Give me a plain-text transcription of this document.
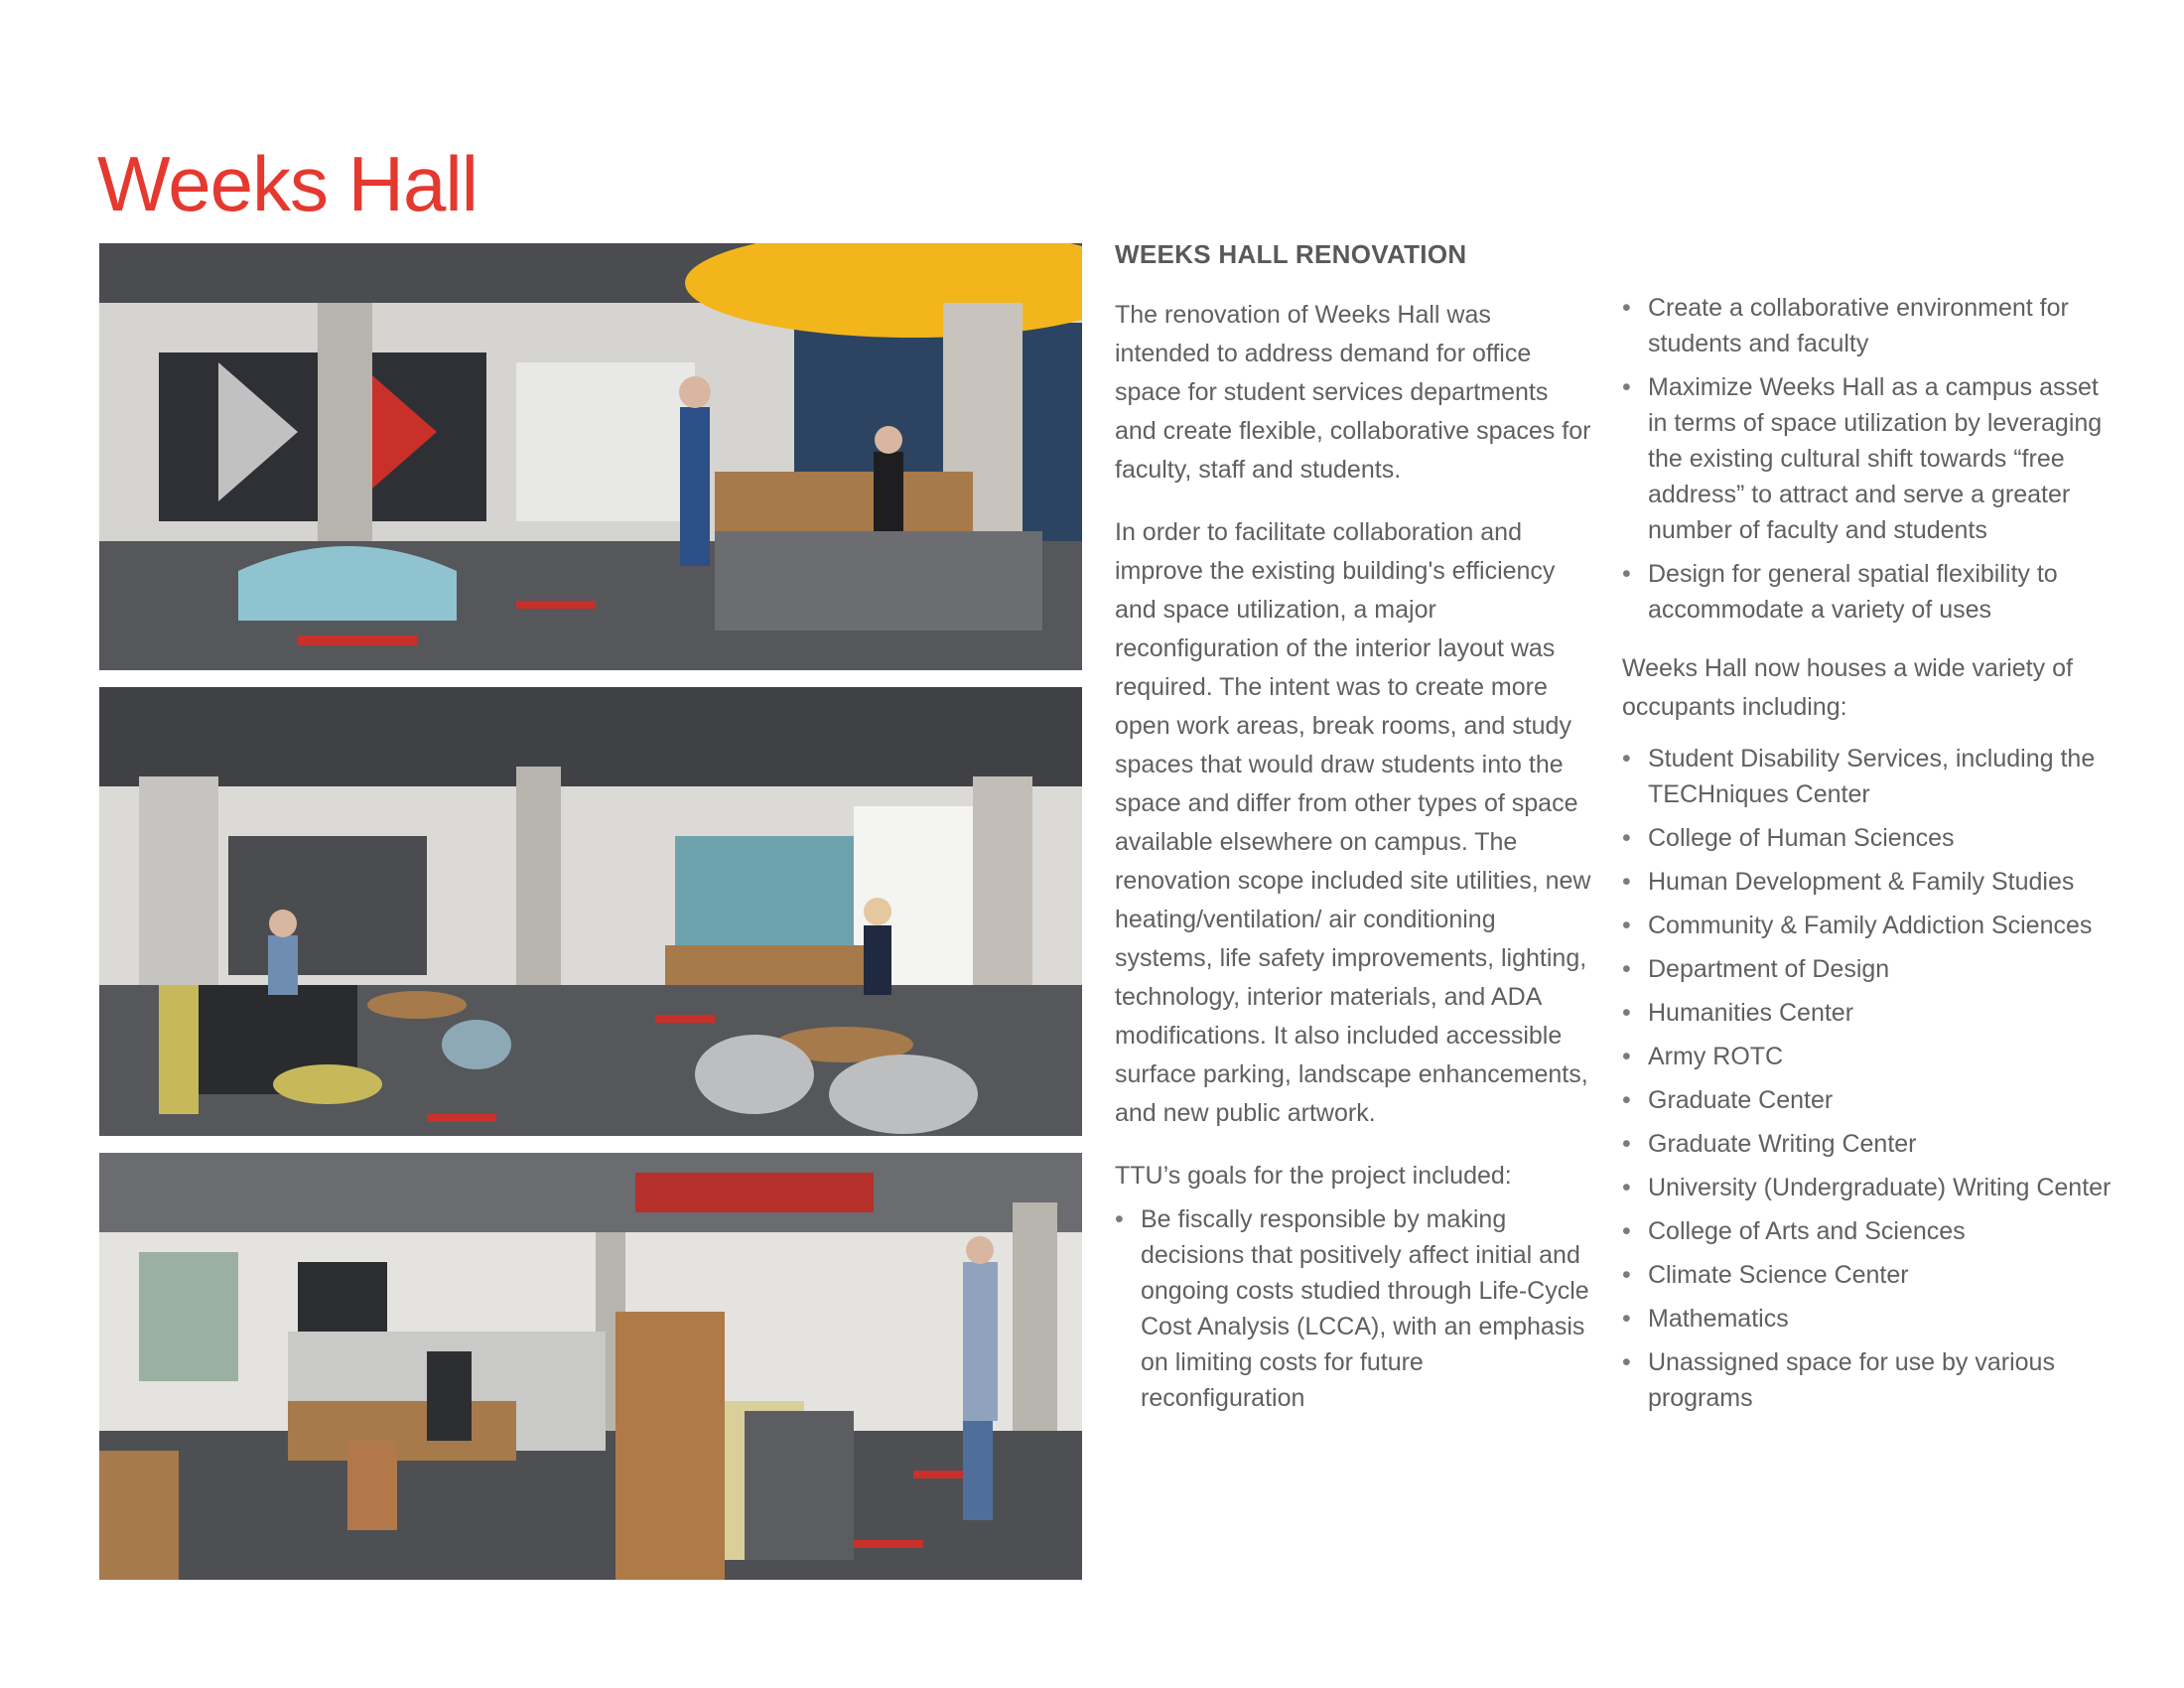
Weeks Hall
WEEKS HALL RENOVATION

The renovation of Weeks Hall was intended to address demand for office space for student services departments and create flexible, collaborative spaces for faculty, staff and students.

In order to facilitate collaboration and improve the existing building's efficiency and space utilization, a major reconfiguration of the interior layout was required. The intent was to create more open work areas, break rooms, and study spaces that would draw students into the space and differ from other types of space available elsewhere on campus. The renovation scope included site utilities, new heating/ventilation/ air conditioning systems, life safety improvements, lighting, technology, interior materials, and ADA modifications. It also included accessible surface parking, landscape enhancements, and new public artwork.

TTU’s goals for the project included:

• Be fiscally responsible by making decisions that positively affect initial and ongoing costs studied through Life-Cycle Cost Analysis (LCCA), with an emphasis on limiting costs for future reconfiguration
• Create a collaborative environment for students and faculty
• Maximize Weeks Hall as a campus asset in terms of space utilization by leveraging the existing cultural shift towards “free address” to attract and serve a greater number of faculty and students
• Design for general spatial flexibility to accommodate a variety of uses

Weeks Hall now houses a wide variety of occupants including:

• Student Disability Services, including the TECHniques Center
• College of Human Sciences
• Human Development & Family Studies
• Community & Family Addiction Sciences
• Department of Design
• Humanities Center
• Army ROTC
• Graduate Center
• Graduate Writing Center
• University (Undergraduate) Writing Center
• College of Arts and Sciences
• Climate Science Center
• Mathematics
• Unassigned space for use by various programs
